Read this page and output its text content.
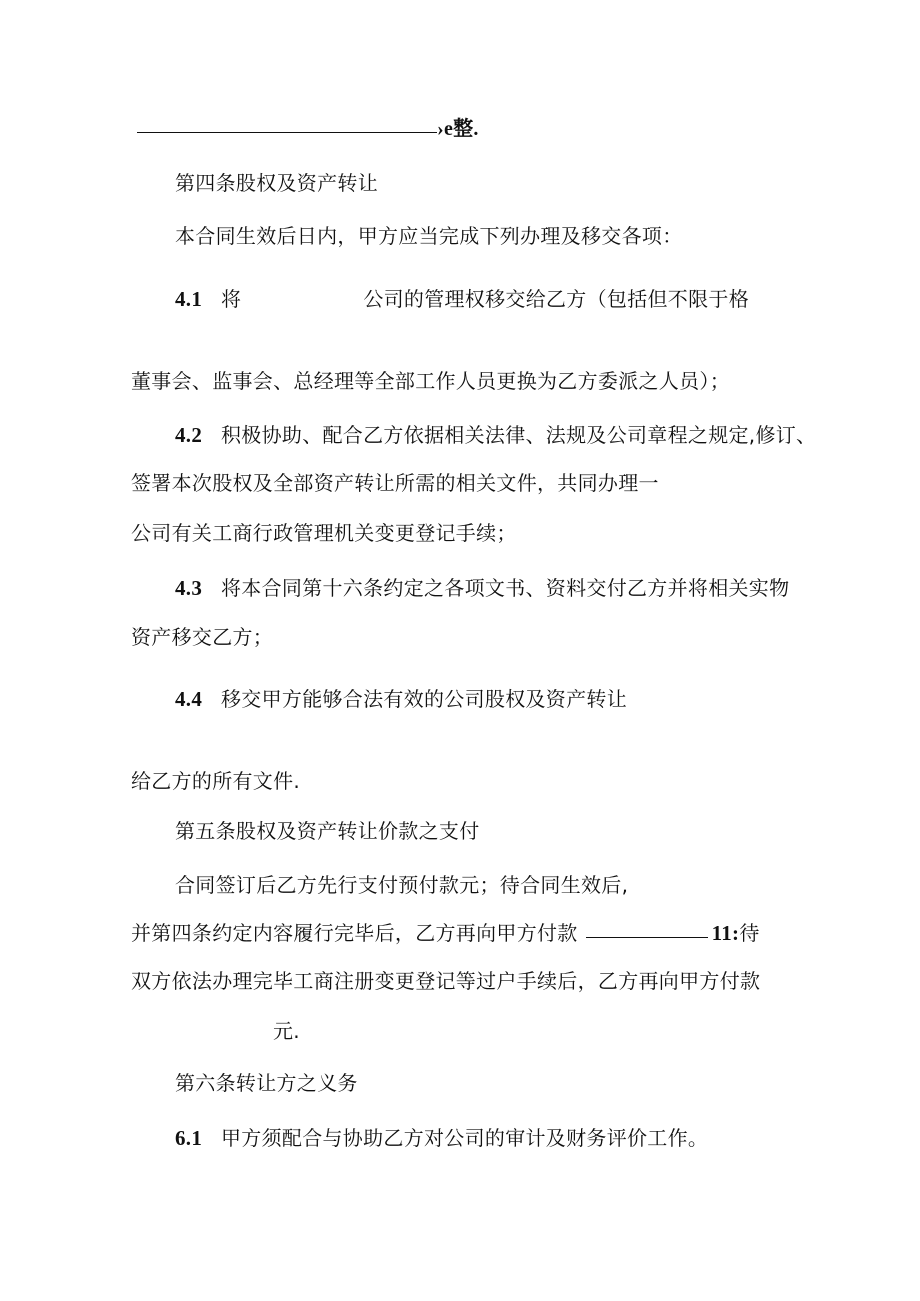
›e整.
第四条股权及资产转让
本合同生效后日内，甲方应当完成下列办理及移交各项：
4.1 将	公司的管理权移交给乙方（包括但不限于格
董事会、监事会、总经理等全部工作人员更换为乙方委派之人员）；
4.2 积极协助、配合乙方依据相关法律、法规及公司章程之规定,修订、
签署本次股权及全部资产转让所需的相关文件，共同办理一
公司有关工商行政管理机关变更登记手续；
4.3 将本合同第十六条约定之各项文书、资料交付乙方并将相关实物
资产移交乙方；
4.4 移交甲方能够合法有效的公司股权及资产转让
给乙方的所有文件.
第五条股权及资产转让价款之支付
合同签订后乙方先行支付预付款元；待合同生效后,
并第四条约定内容履行完毕后，乙方再向甲方付款	11:待
双方依法办理完毕工商注册变更登记等过户手续后，乙方再向甲方付款
元.
第六条转让方之义务
6.1 甲方须配合与协助乙方对公司的审计及财务评价工作。
